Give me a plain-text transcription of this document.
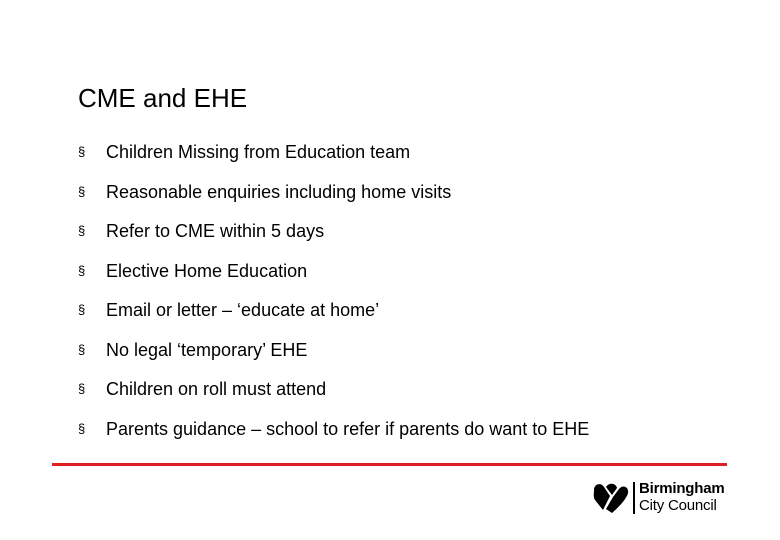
CME and EHE
§ Children Missing from Education team
§ Reasonable enquiries including home visits
§ Refer to CME within 5 days
§ Elective Home Education
§ Email or letter – ‘educate at home’
§ No legal ‘temporary’ EHE
§ Children on roll must attend
§ Parents guidance – school to refer if parents do want to EHE
Birmingham
City Council
